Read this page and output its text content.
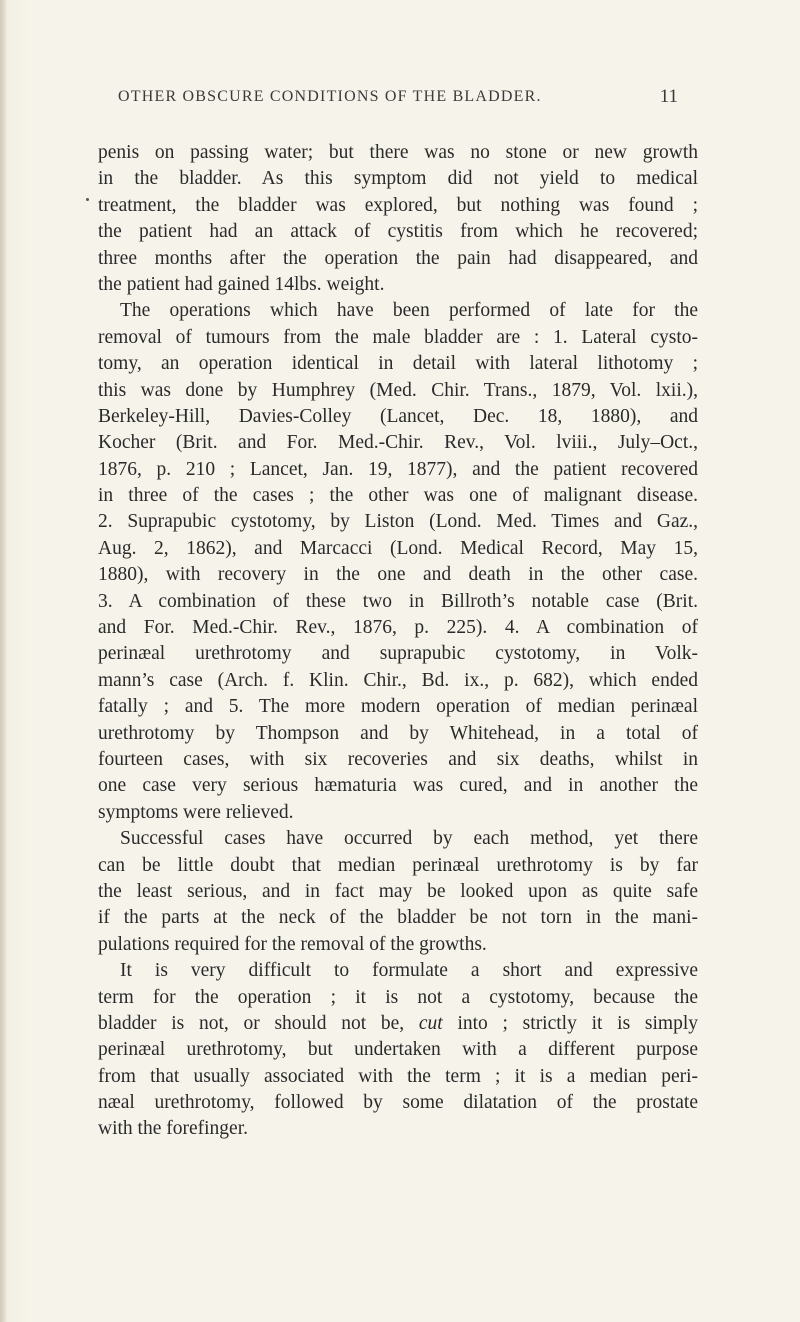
OTHER OBSCURE CONDITIONS OF THE BLADDER.	11
penis on passing water; but there was no stone or new growth
in the bladder. As this symptom did not yield to medical
treatment, the bladder was explored, but nothing was found ;
the patient had an attack of cystitis from which he recovered;
three months after the operation the pain had disappeared, and
the patient had gained 14lbs. weight.
The operations which have been performed of late for the
removal of tumours from the male bladder are : 1. Lateral cysto-
tomy, an operation identical in detail with lateral lithotomy ;
this was done by Humphrey (Med. Chir. Trans., 1879, Vol. lxii.),
Berkeley-Hill, Davies-Colley (Lancet, Dec. 18, 1880), and
Kocher (Brit. and For. Med.-Chir. Rev., Vol. lviii., July–Oct.,
1876, p. 210 ; Lancet, Jan. 19, 1877), and the patient recovered
in three of the cases ; the other was one of malignant disease.
2. Suprapubic cystotomy, by Liston (Lond. Med. Times and Gaz.,
Aug. 2, 1862), and Marcacci (Lond. Medical Record, May 15,
1880), with recovery in the one and death in the other case.
3. A combination of these two in Billroth’s notable case (Brit.
and For. Med.-Chir. Rev., 1876, p. 225). 4. A combination of
perinæal urethrotomy and suprapubic cystotomy, in Volk-
mann’s case (Arch. f. Klin. Chir., Bd. ix., p. 682), which ended
fatally ; and 5. The more modern operation of median perinæal
urethrotomy by Thompson and by Whitehead, in a total of
fourteen cases, with six recoveries and six deaths, whilst in
one case very serious hæmaturia was cured, and in another the
symptoms were relieved.
Successful cases have occurred by each method, yet there
can be little doubt that median perinæal urethrotomy is by far
the least serious, and in fact may be looked upon as quite safe
if the parts at the neck of the bladder be not torn in the mani-
pulations required for the removal of the growths.
It is very difficult to formulate a short and expressive
term for the operation ; it is not a cystotomy, because the
bladder is not, or should not be, cut into ; strictly it is simply
perinæal urethrotomy, but undertaken with a different purpose
from that usually associated with the term ; it is a median peri-
næal urethrotomy, followed by some dilatation of the prostate
with the forefinger.
